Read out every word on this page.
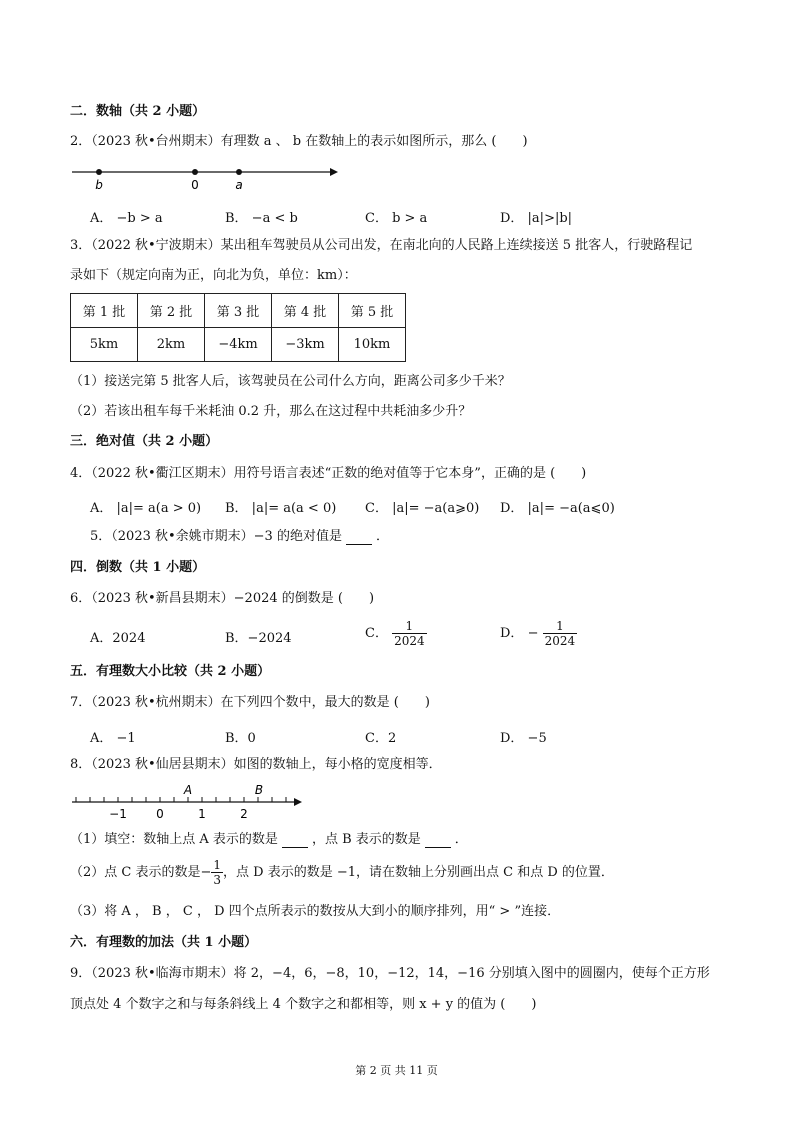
二．数轴（共 2 小题）
2．（2023 秋•台州期末）有理数 a 、 b 在数轴上的表示如图所示，那么 (　　)
b	0	a
A． −b > a	B． −a < b	C． b > a	D． |a|>|b|
3．（2022 秋•宁波期末）某出租车驾驶员从公司出发，在南北向的人民路上连续接送 5 批客人，行驶路程记
录如下（规定向南为正，向北为负，单位：km）：
第 1 批	第 2 批	第 3 批	第 4 批	第 5 批
5km	2km	−4km	−3km	10km
（1）接送完第 5 批客人后，该驾驶员在公司什么方向，距离公司多少千米？
（2）若该出租车每千米耗油 0.2 升，那么在这过程中共耗油多少升？
三．绝对值（共 2 小题）
4．（2022 秋•衢江区期末）用符号语言表述“正数的绝对值等于它本身”，正确的是 (　　)
A． |a|= a(a > 0) B． |a|= a(a < 0) C． |a|= −a(a⩾0) D． |a|= −a(a⩽0)
5．（2023 秋•余姚市期末）−3 的绝对值是	．
四．倒数（共 1 小题）
6．（2023 秋•新昌县期末）−2024 的倒数是 (　　)
A．2024	B．−2024	C． $\frac{1}{2024}$	D． − $\frac{1}{2024}$
五．有理数大小比较（共 2 小题）
7．（2023 秋•杭州期末）在下列四个数中，最大的数是 (　　)
A． −1	B．0	C．2	D． −5
8．（2023 秋•仙居县期末）如图的数轴上，每小格的宽度相等．
A	B
−1 0	1	2
（1）填空：数轴上点 A 表示的数是	，点 B 表示的数是	．
（2）点 C 表示的数是− $\frac{1}{3}$ ，点 D 表示的数是 −1，请在数轴上分别画出点 C 和点 D 的位置．
（3）将 A ， B ， C ， D 四个点所表示的数按从大到小的顺序排列，用“ > ”连接．
六．有理数的加法（共 1 小题）
9．（2023 秋•临海市期末）将 2，−4，6，−8，10，−12，14，−16 分别填入图中的圆圈内，使每个正方形
顶点处 4 个数字之和与每条斜线上 4 个数字之和都相等，则 x + y 的值为 (　　)
第 2 页 共 11 页
